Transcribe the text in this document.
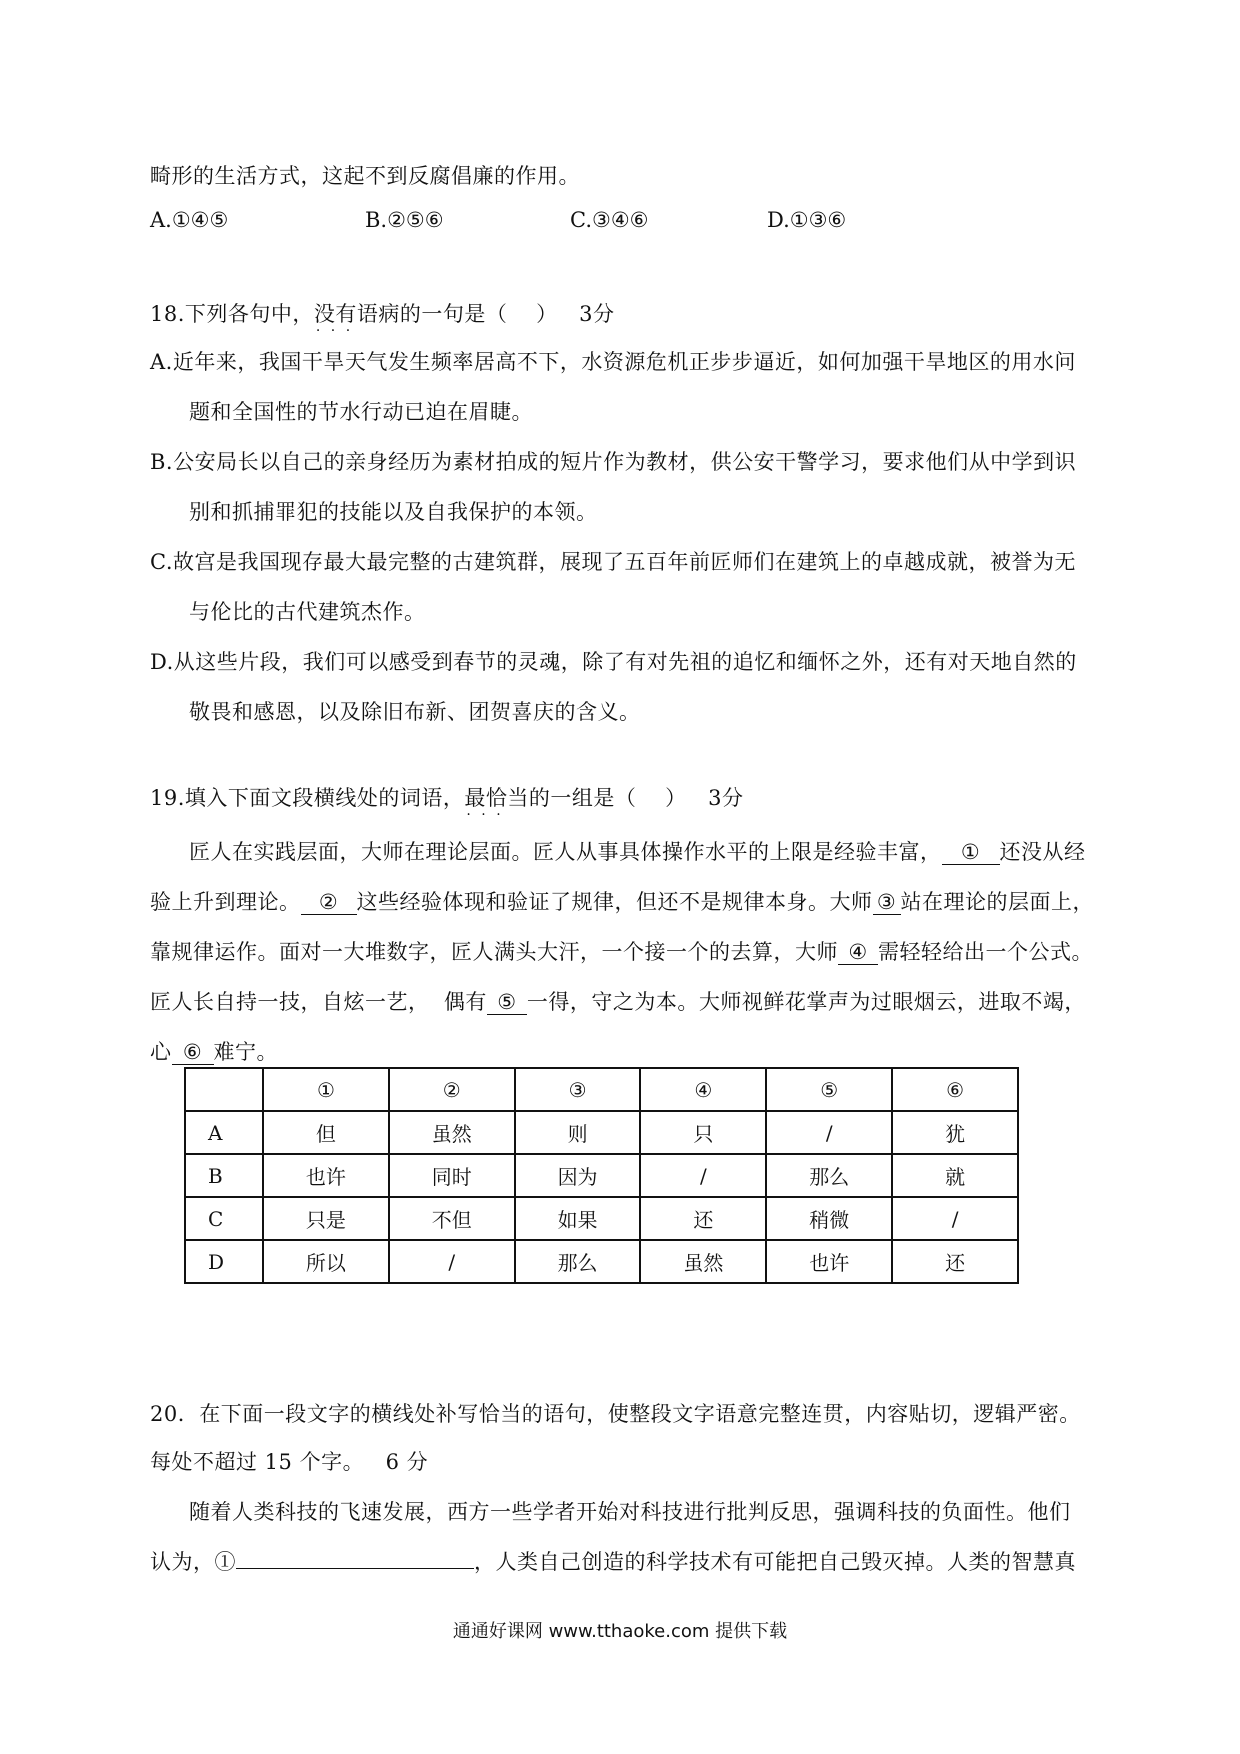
畸形的生活方式，这起不到反腐倡廉的作用。
A.①④⑤	B.②⑤⑥	C.③④⑥	D.①③⑥
18.下列各句中，没有语病 · · ·的一句是（    ）   3分
A.近年来，我国干旱天气发生频率居高不下，水资源危机正步步逼近，如何加强干旱地区的用水问
题和全国性的节水行动已迫在眉睫。
B.公安局长以自己的亲身经历为素材拍成的短片作为教材，供公安干警学习，要求他们从中学到识
别和抓捕罪犯的技能以及自我保护的本领。
C.故宫是我国现存最大最完整的古建筑群，展现了五百年前匠师们在建筑上的卓越成就，被誉为无
与伦比的古代建筑杰作。
D.从这些片段，我们可以感受到春节的灵魂，除了有对先祖的追忆和缅怀之外，还有对天地自然的
敬畏和感恩，以及除旧布新、团贺喜庆的含义。
19.填入下面文段横线处的词语，最恰当 · · ·的一组是（    ）   3分
匠人在实践层面，大师在理论层面。匠人从事具体操作水平的上限是经验丰富， ① 还没从经
验上升到理论。 ② 这些经验体现和验证了规律，但还不是规律本身。大师 ③ 站在理论的层面上，
靠规律运作。面对一大堆数字，匠人满头大汗，一个接一个的去算，大师 ④ 需轻轻给出一个公式。
匠人长自持一技，自炫一艺，  偶有 ⑤ 一得，守之为本。大师视鲜花掌声为过眼烟云，进取不竭，
心 ⑥ 难宁。
	①	②	③	④	⑤	⑥
A	但	虽然	则	只	/	犹
B	也许	同时	因为	/	那么	就
C	只是	不但	如果	还	稍微	/
D	所以	/	那么	虽然	也许	还
20．在下面一段文字的横线处补写恰当的语句，使整段文字语意完整连贯，内容贴切，逻辑严密。
每处不超过 15 个字。   6 分
随着人类科技的飞速发展，西方一些学者开始对科技进行批判反思，强调科技的负面性。他们
认为，①	，人类自己创造的科学技术有可能把自己毁灭掉。人类的智慧真
通通好课网 www.tthaoke.com 提供下载
